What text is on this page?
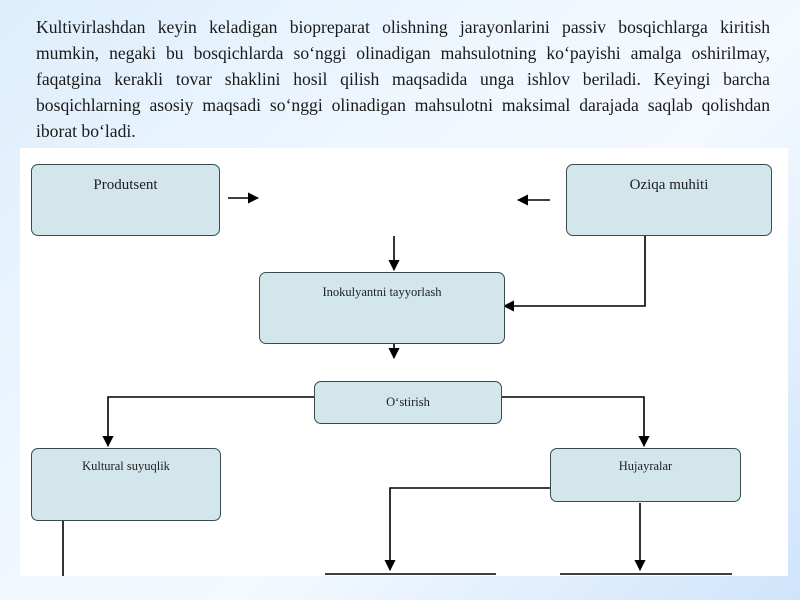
Kultivirlashdan keyin keladigan biopreparat olishning jarayonlarini passiv bosqichlarga kiritish mumkin, negaki bu bosqichlarda so‘nggi olinadigan mahsulotning ko‘payishi amalga oshirilmay, faqatgina kerakli tovar shaklini hosil qilish maqsadida unga ishlov beriladi. Keyingi barcha bosqichlarning asosiy maqsadi so‘nggi olinadigan mahsulotni maksimal darajada saqlab qolishdan iborat bo‘ladi.

Produtsent	Oziqa muhiti
Inokulyantni tayyorlash
O‘stirish
Kultural suyuqlik	Hujayralar
